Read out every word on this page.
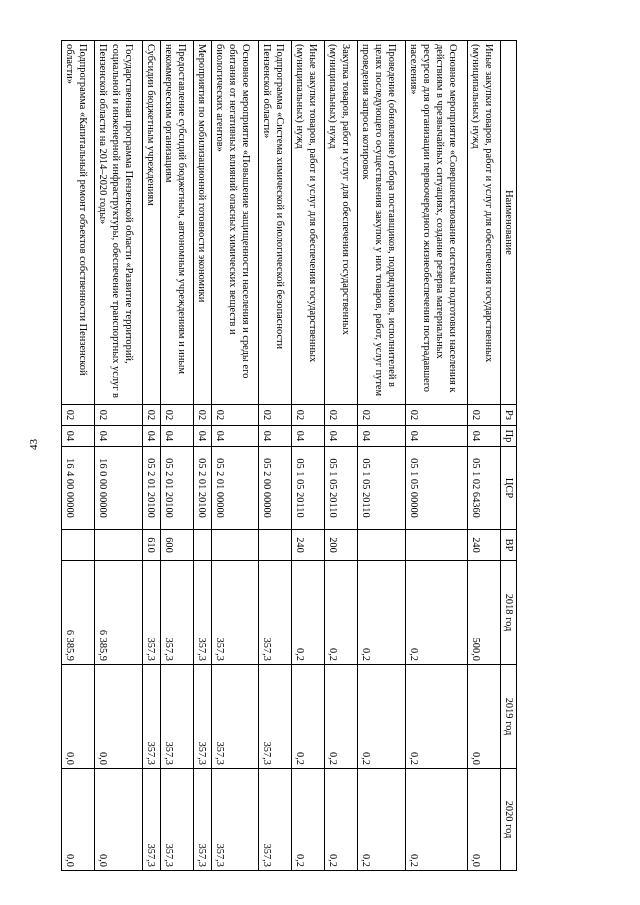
43
Наименование	Рз	Пр	ЦСР	ВР	2018 год	2019 год	2020 год
Иные закупки товаров, работ и услуг для обеспечения государственных (муниципальных) нужд	02	04	05 1 02 64360	240	500,0	0,0	0,0
Основное мероприятие «Совершенствование системы подготовки населения к действиям в чрезвычайных ситуациях, создание резерва материальных ресурсов для организации первоочередного жизнеобеспечения пострадавшего населения»	02	04	05 1 05 00000		0,2	0,2	0,2
Проведение (обновление) отбора поставщиков, подрядчиков, исполнителей в целях последующего осуществления закупок у них товаров, работ, услуг путем проведения запроса котировок	02	04	05 1 05 20110		0,2	0,2	0,2
Закупка товаров, работ и услуг для обеспечения государственных (муниципальных) нужд	02	04	05 1 05 20110	200	0,2	0,2	0,2
Иные закупки товаров, работ и услуг для обеспечения государственных (муниципальных) нужд	02	04	05 1 05 20110	240	0,2	0,2	0,2
Подпрограмма «Система химической и биологической безопасности Пензенской области»	02	04	05 2 00 00000		357,3	357,3	357,3
Основное мероприятие «Повышение защищенности населения и среды его обитания от негативных влияний опасных химических веществ и биологических агентов»	02	04	05 2 01 00000		357,3	357,3	357,3
Мероприятия по мобилизационной готовности экономики	02	04	05 2 01 20100		357,3	357,3	357,3
Предоставление субсидий бюджетным, автономным учреждениям и иным некоммерческим организациям	02	04	05 2 01 20100	600	357,3	357,3	357,3
Субсидии бюджетным учреждениям	02	04	05 2 01 20100	610	357,3	357,3	357,3
Государственная программа Пензенской области «Развитие территорий, социальной и инженерной инфраструктуры, обеспечение транспортных услуг в Пензенской области на 2014–2020 годы»	02	04	16 0 00 00000		6 385,9	0,0	0,0
Подпрограмма «Капитальный ремонт объектов собственности Пензенской области»	02	04	16 4 00 00000		6 385,9	0,0	0,0
